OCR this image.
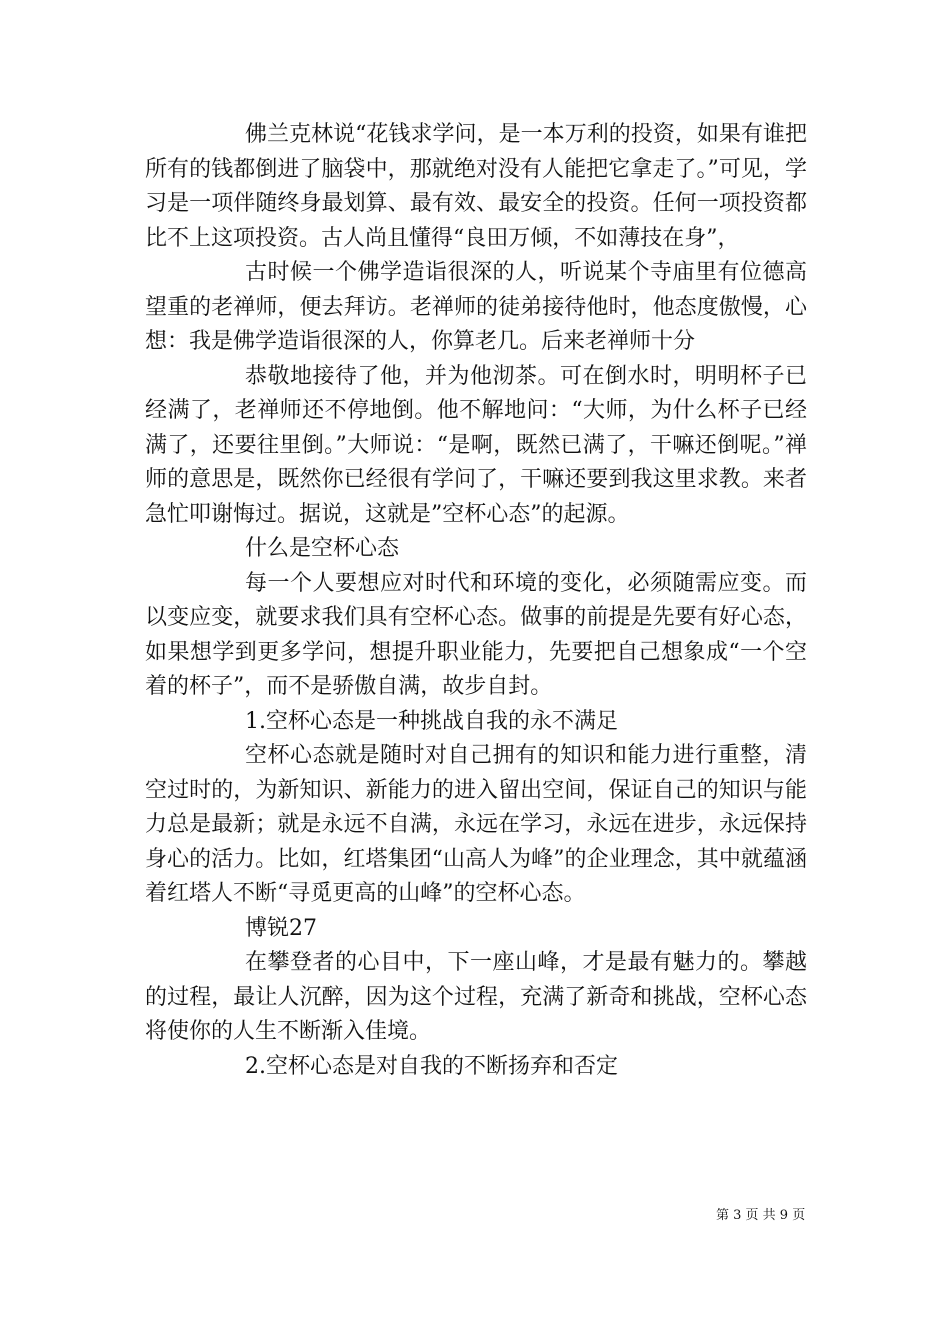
佛兰克林说“花钱求学问，是一本万利的投资，如果有谁把所有的钱都倒进了脑袋中，那就绝对没有人能把它拿走了。”可见，学习是一项伴随终身最划算、最有效、最安全的投资。任何一项投资都比不上这项投资。古人尚且懂得“良田万倾，不如薄技在身”，

古时候一个佛学造诣很深的人，听说某个寺庙里有位德高望重的老禅师，便去拜访。老禅师的徒弟接待他时，他态度傲慢，心想：我是佛学造诣很深的人，你算老几。后来老禅师十分

恭敬地接待了他，并为他沏茶。可在倒水时，明明杯子已经满了，老禅师还不停地倒。他不解地问：“大师，为什么杯子已经满了，还要往里倒。”大师说：“是啊，既然已满了，干嘛还倒呢。”禅师的意思是，既然你已经很有学问了，干嘛还要到我这里求教。来者急忙叩谢悔过。据说，这就是”空杯心态”的起源。

什么是空杯心态

每一个人要想应对时代和环境的变化，必须随需应变。而以变应变，就要求我们具有空杯心态。做事的前提是先要有好心态，如果想学到更多学问，想提升职业能力，先要把自己想象成“一个空着的杯子”，而不是骄傲自满，故步自封。

1.空杯心态是一种挑战自我的永不满足

空杯心态就是随时对自己拥有的知识和能力进行重整，清空过时的，为新知识、新能力的进入留出空间，保证自己的知识与能力总是最新；就是永远不自满，永远在学习，永远在进步，永远保持身心的活力。比如，红塔集团“山高人为峰”的企业理念，其中就蕴涵着红塔人不断“寻觅更高的山峰”的空杯心态。

博锐27

在攀登者的心目中，下一座山峰，才是最有魅力的。攀越的过程，最让人沉醉，因为这个过程，充满了新奇和挑战，空杯心态将使你的人生不断渐入佳境。

2.空杯心态是对自我的不断扬弃和否定

第 3 页 共 9 页
